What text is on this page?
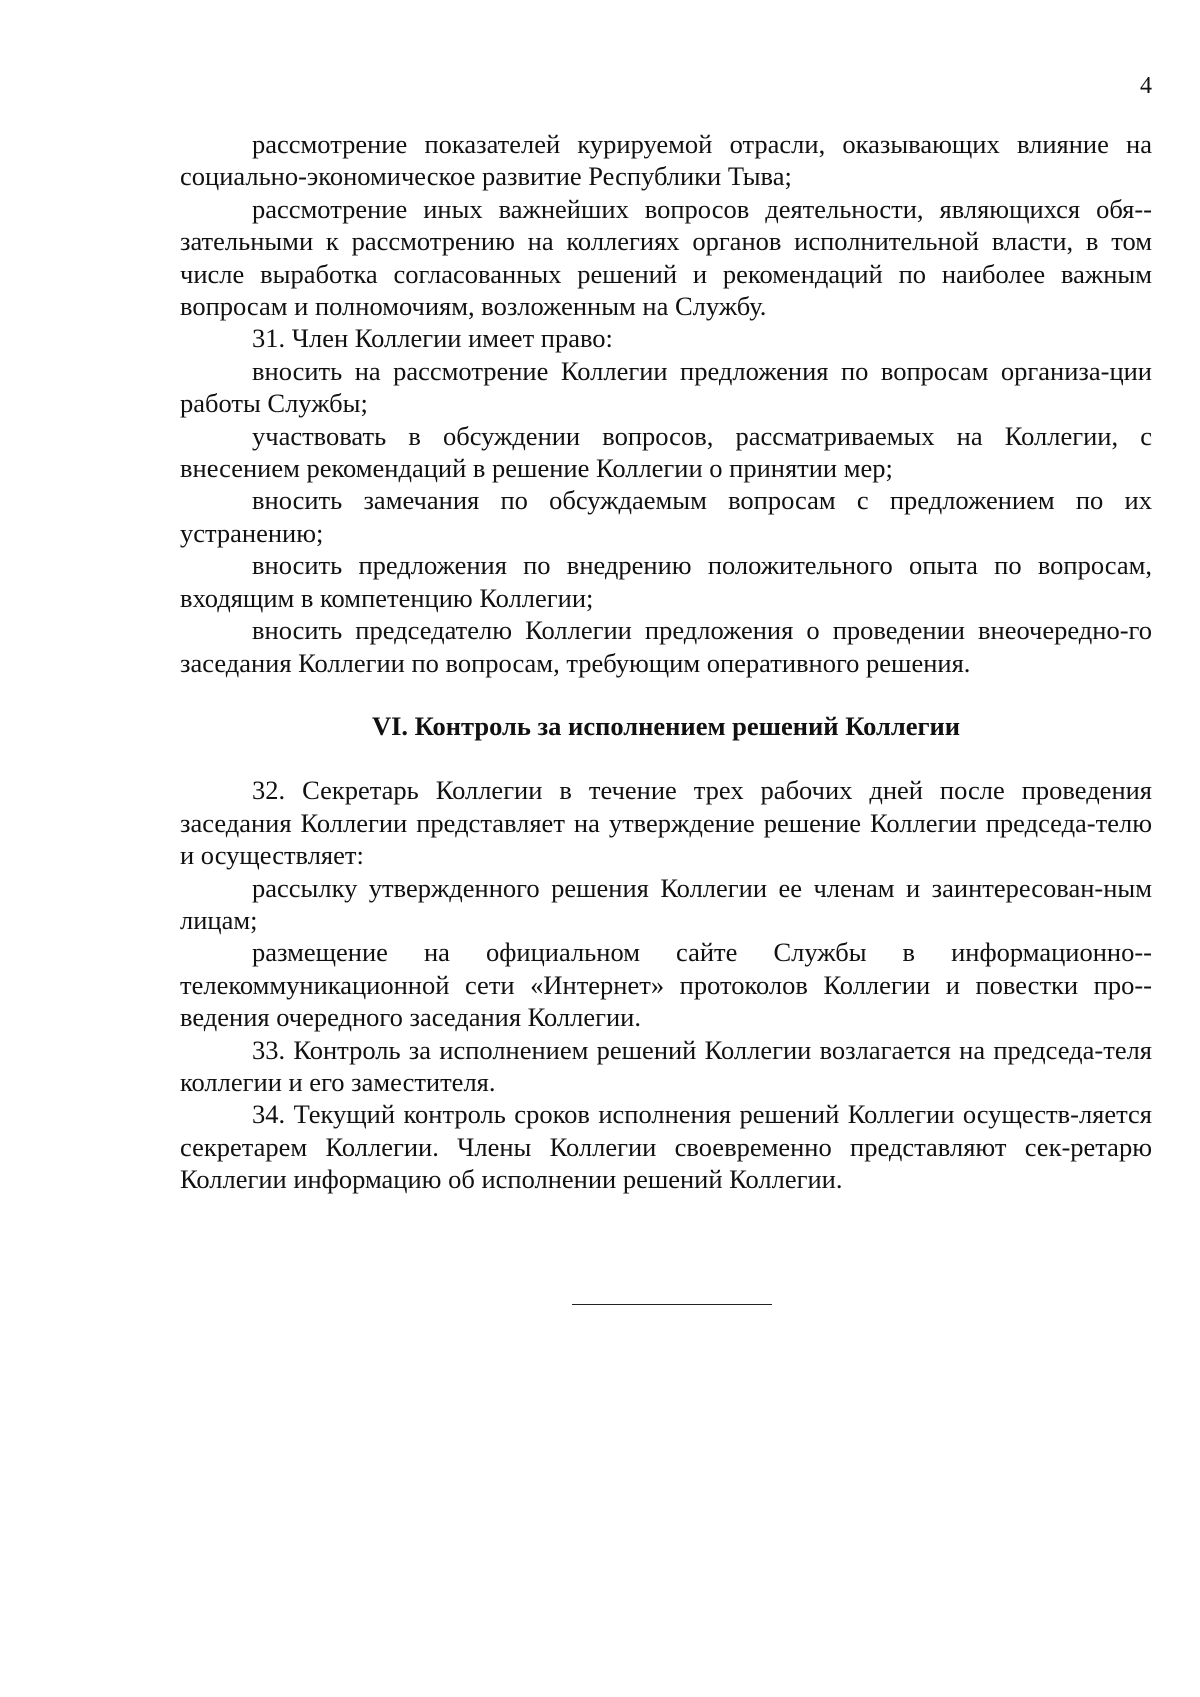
4

рассмотрение показателей курируемой отрасли, оказывающих влияние на социально-экономическое развитие Республики Тыва;

рассмотрение иных важнейших вопросов деятельности, являющихся обя-зательными к рассмотрению на коллегиях органов исполнительной власти, в том числе выработка согласованных решений и рекомендаций по наиболее важным вопросам и полномочиям, возложенным на Службу.

31. Член Коллегии имеет право:

вносить на рассмотрение Коллегии предложения по вопросам организа-ции работы Службы;

участвовать в обсуждении вопросов, рассматриваемых на Коллегии, с внесением рекомендаций в решение Коллегии о принятии мер;

вносить замечания по обсуждаемым вопросам с предложением по их устранению;

вносить предложения по внедрению положительного опыта по вопросам, входящим в компетенцию Коллегии;

вносить председателю Коллегии предложения о проведении внеочередно-го заседания Коллегии по вопросам, требующим оперативного решения.

VI. Контроль за исполнением решений Коллегии

32. Секретарь Коллегии в течение трех рабочих дней после проведения заседания Коллегии представляет на утверждение решение Коллегии председа-телю и осуществляет:

рассылку утвержденного решения Коллегии ее членам и заинтересован-ным лицам;

размещение на официальном сайте Службы в информационно-телекоммуникационной сети «Интернет» протоколов Коллегии и повестки про-ведения очередного заседания Коллегии.

33. Контроль за исполнением решений Коллегии возлагается на председа-теля коллегии и его заместителя.

34. Текущий контроль сроков исполнения решений Коллегии осуществ-ляется секретарем Коллегии. Члены Коллегии своевременно представляют сек-ретарю Коллегии информацию об исполнении решений Коллегии.
